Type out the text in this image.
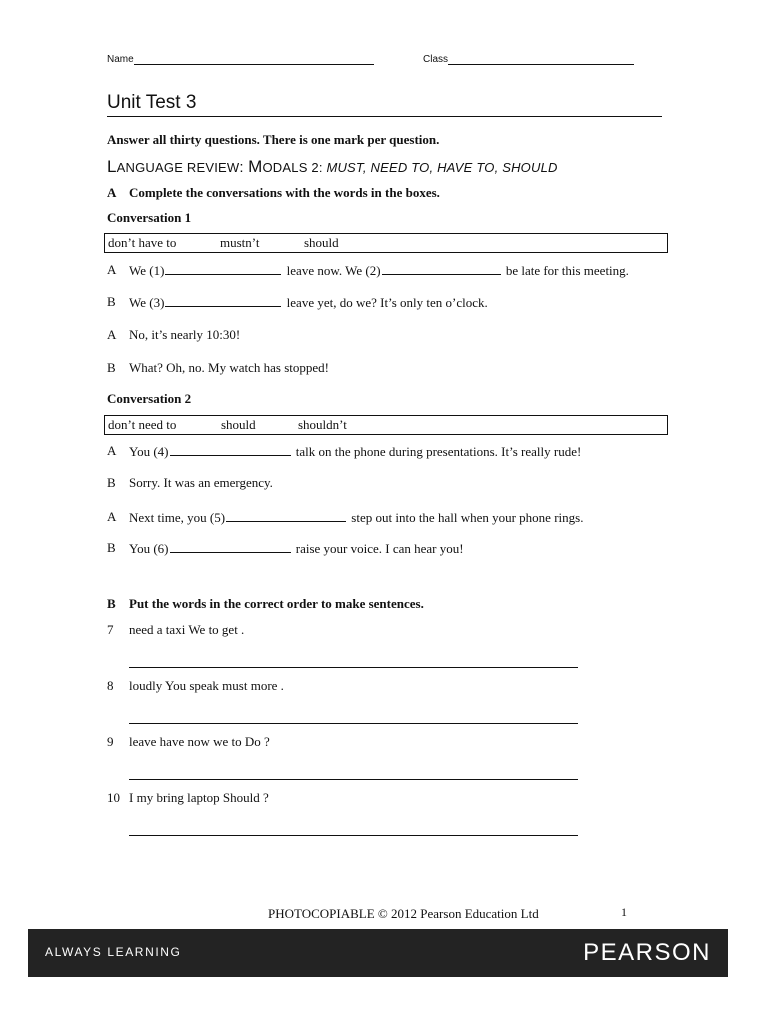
Name	Class
Unit Test 3
Answer all thirty questions. There is one mark per question.
LANGUAGE REVIEW: MODALS 2: MUST, NEED TO, HAVE TO, SHOULD
A Complete the conversations with the words in the boxes.
Conversation 1
don’t have to	mustn’t	should
A We (1)	leave now. We (2)	be late for this meeting.
B We (3)	leave yet, do we? It’s only ten o’clock.
A No, it’s nearly 10:30!
B What? Oh, no. My watch has stopped!
Conversation 2
don’t need to	should	shouldn’t
A You (4)	talk on the phone during presentations. It’s really rude!
B Sorry. It was an emergency.
A Next time, you (5)	step out into the hall when your phone rings.
B You (6)	raise your voice. I can hear you!
B Put the words in the correct order to make sentences.
7 need a taxi We to get .
8 loudly You speak must more .
9 leave have now we to Do ?
10 I my bring laptop Should ?
PHOTOCOPIABLE © 2012 Pearson Education Ltd	1
ALWAYS LEARNING	PEARSON
